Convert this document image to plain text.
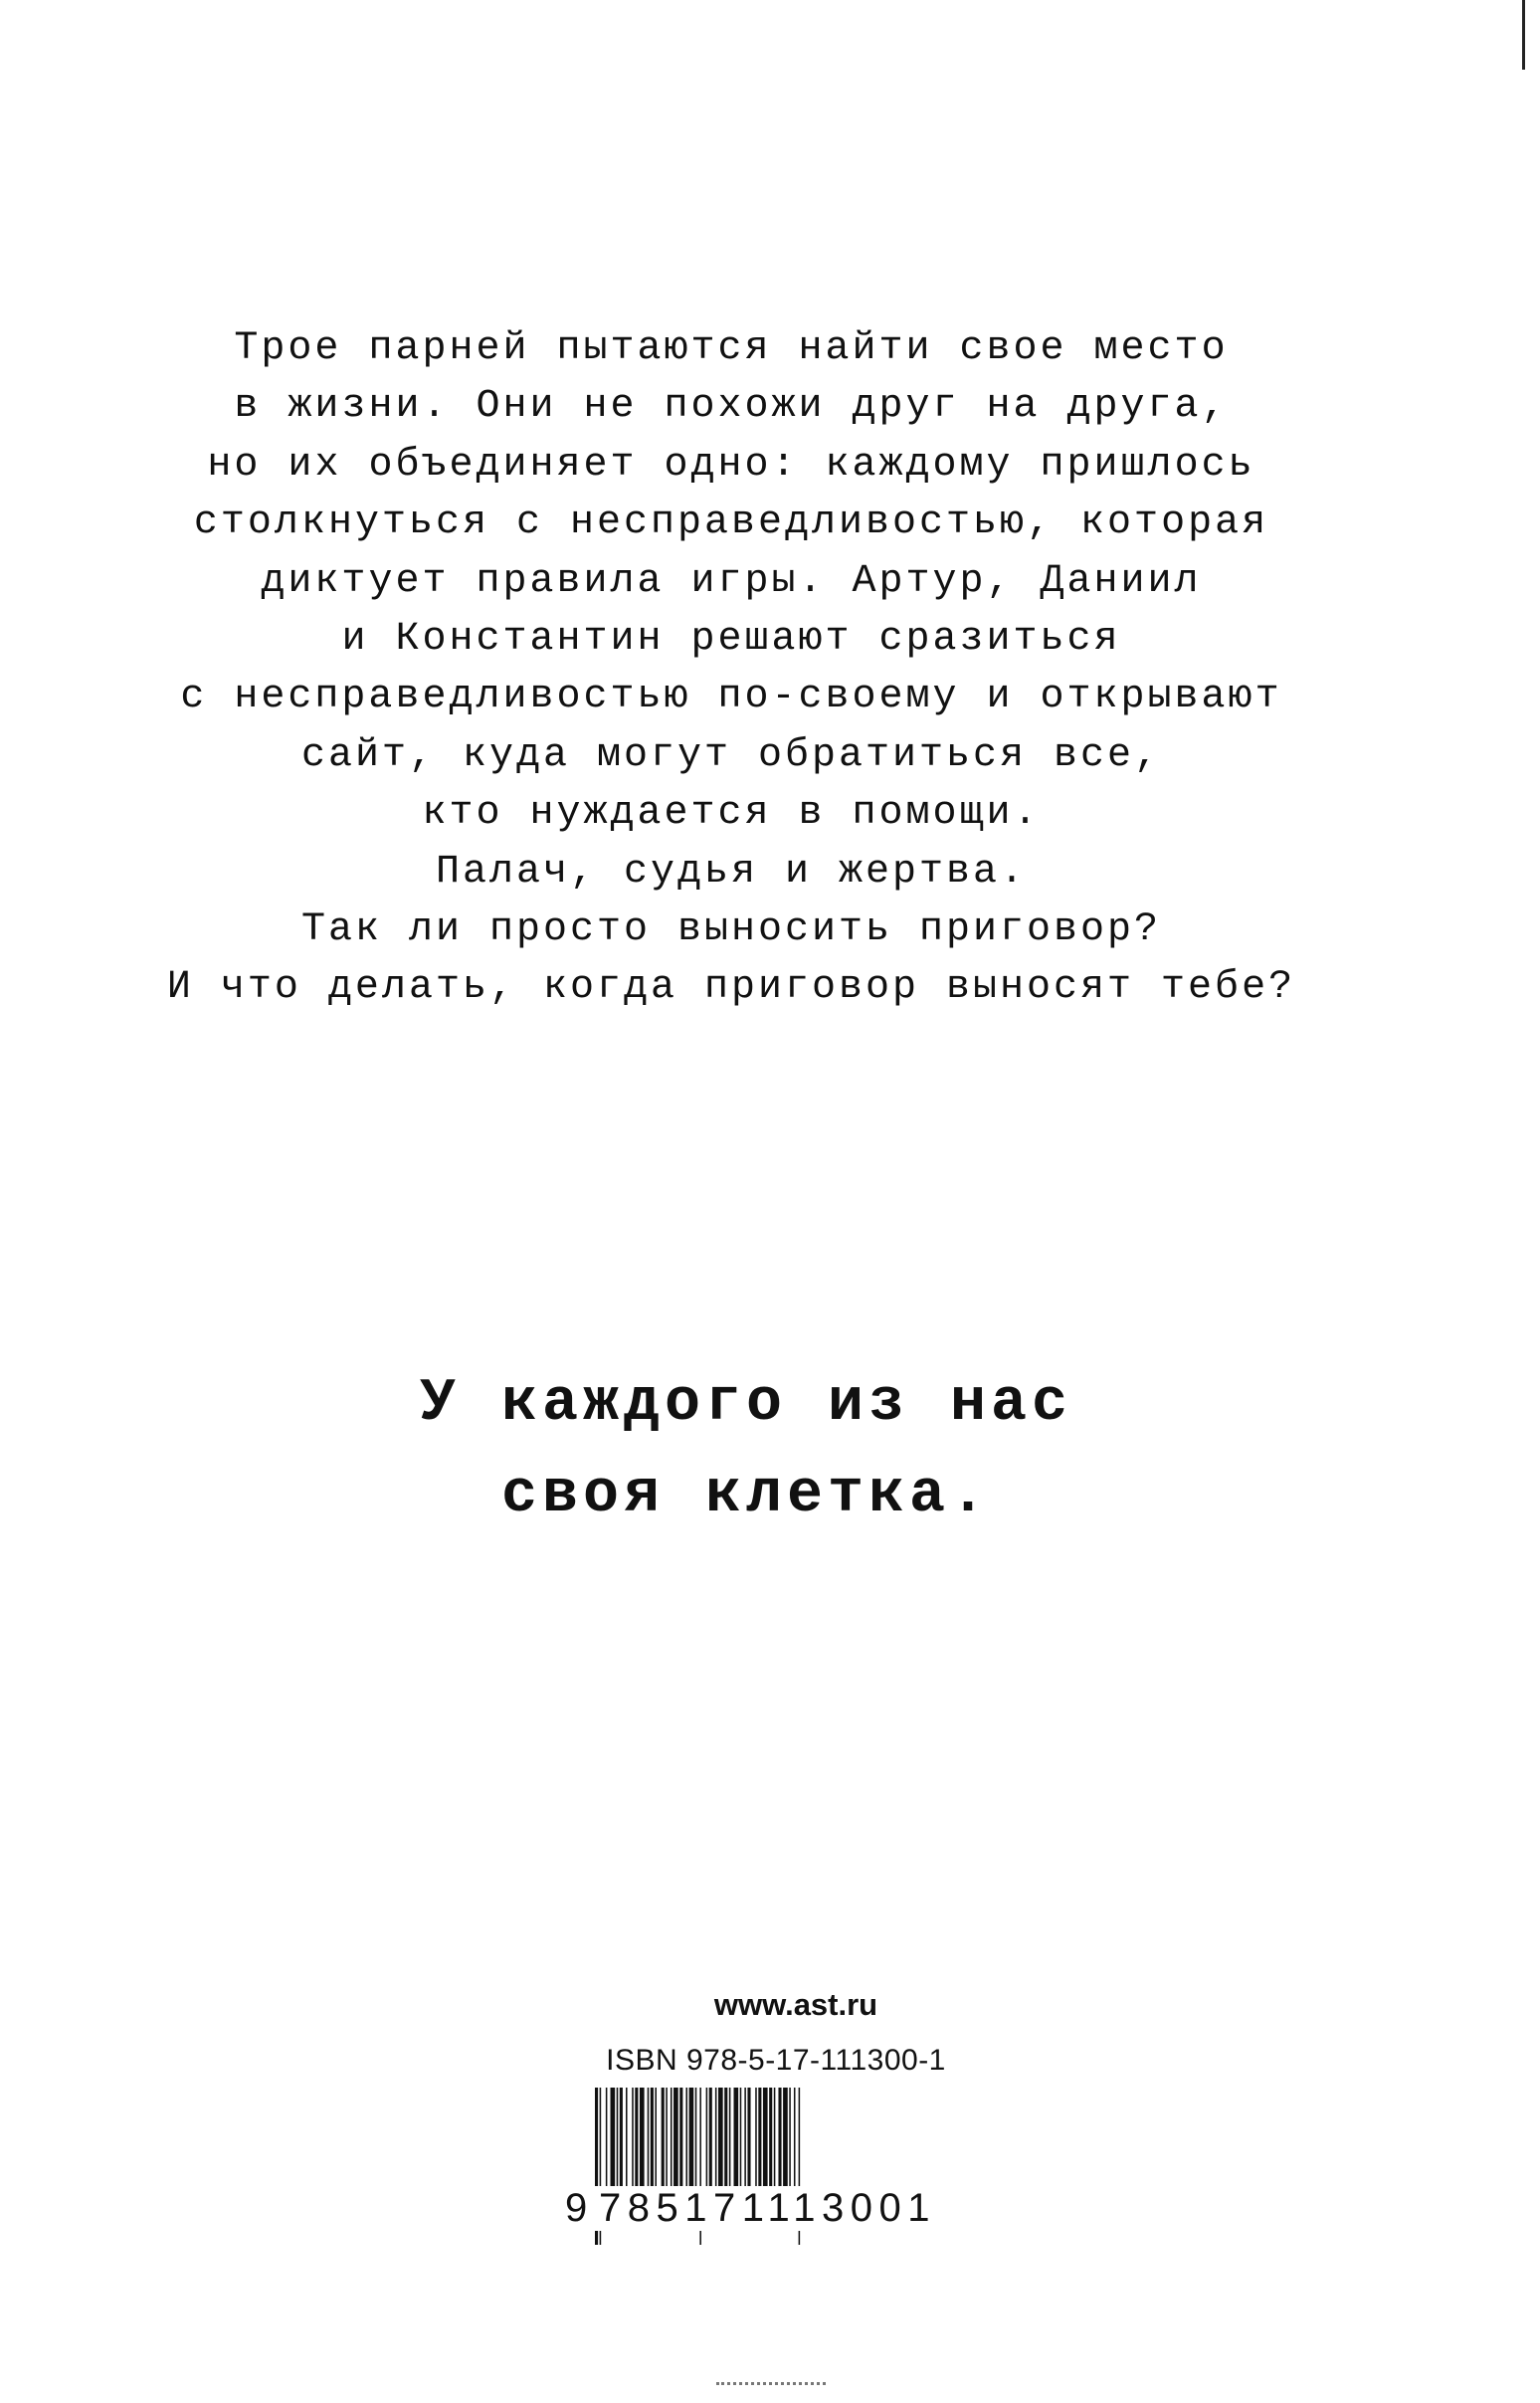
Трое парней пытаются найти свое место
в жизни. Они не похожи друг на друга,
но их объединяет одно: каждому пришлось
столкнуться с несправедливостью, которая
диктует правила игры. Артур, Даниил
и Константин решают сразиться
с несправедливостью по-своему и открывают
сайт, куда могут обратиться все,
кто нуждается в помощи.
Палач, судья и жертва.
Так ли просто выносить приговор?
И что делать, когда приговор выносят тебе?
У каждого из нас
своя клетка.
www.ast.ru
ISBN 978-5-17-111300-1
9 785171113001
